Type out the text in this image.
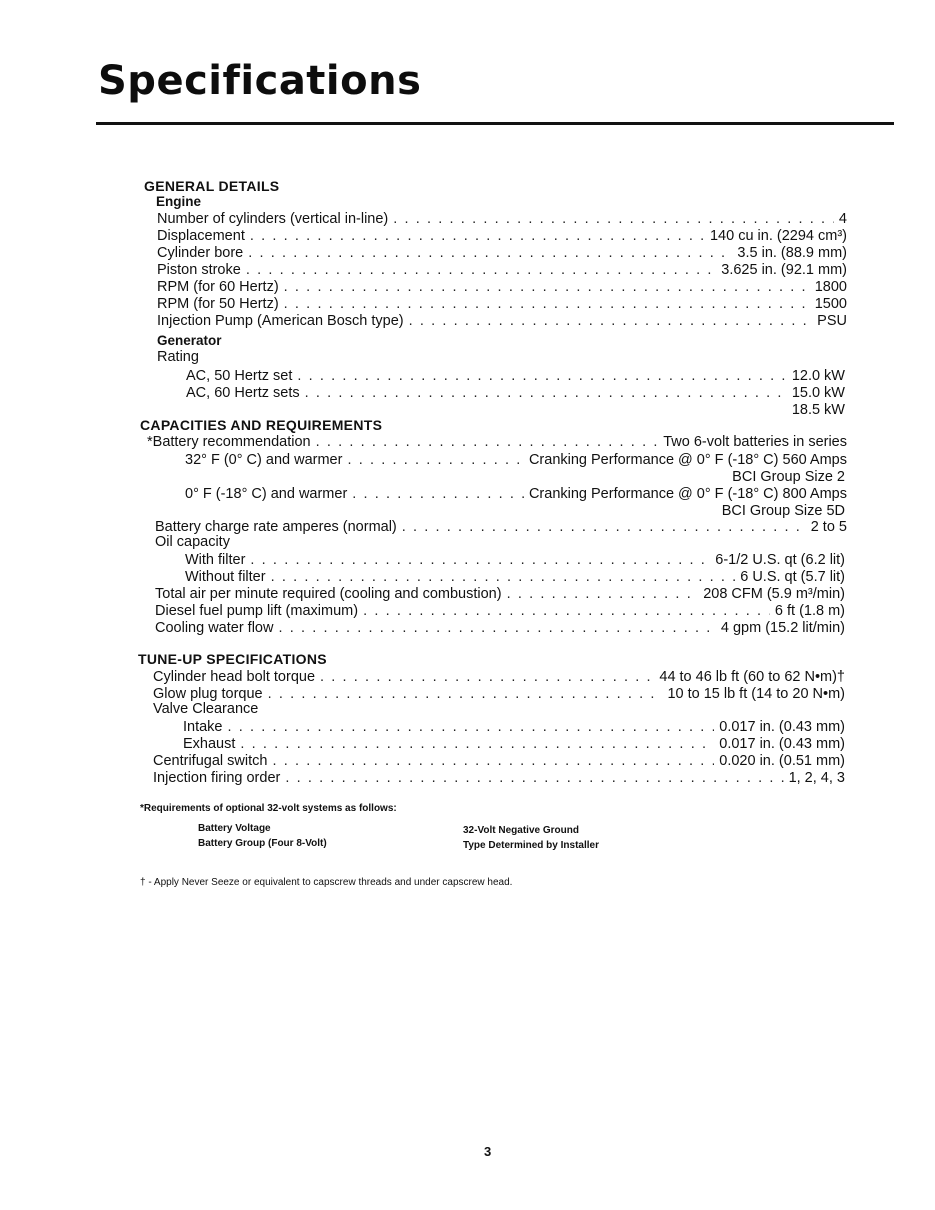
Specifications
GENERAL DETAILS
Engine
Number of cylinders (vertical in-line) . . .	4
Displacement . . .	140 cu in. (2294 cm³)
Cylinder bore . . .	3.5 in. (88.9 mm)
Piston stroke . . .	3.625 in. (92.1 mm)
RPM (for 60 Hertz) . . .	1800
RPM (for 50 Hertz) . . .	1500
Injection Pump (American Bosch type) . . .	PSU
Generator
Rating
AC, 50 Hertz set . . .	12.0 kW
AC, 60 Hertz sets . . .	15.0 kW
18.5 kW
CAPACITIES AND REQUIREMENTS
*Battery recommendation . . .	Two 6-volt batteries in series
32° F (0° C) and warmer . . .	Cranking Performance @ 0° F (-18° C) 560 Amps
BCI Group Size 2
0° F (-18° C) and warmer . . .	Cranking Performance @ 0° F (-18° C) 800 Amps
BCI Group Size 5D
Battery charge rate amperes (normal) . . .	2 to 5
Oil capacity
With filter . . .	6-1/2 U.S. qt (6.2 lit)
Without filter . . .	6 U.S. qt (5.7 lit)
Total air per minute required (cooling and combustion) . . .	208 CFM (5.9 m³/min)
Diesel fuel pump lift (maximum) . . .	6 ft (1.8 m)
Cooling water flow . . .	4 gpm (15.2 lit/min)
TUNE-UP SPECIFICATIONS
Cylinder head bolt torque . . .	44 to 46 lb ft (60 to 62 N•m)†
Glow plug torque . . .	10 to 15 lb ft (14 to 20 N•m)
Valve Clearance
Intake . . .	0.017 in. (0.43 mm)
Exhaust . . .	0.017 in. (0.43 mm)
Centrifugal switch . . .	0.020 in. (0.51 mm)
Injection firing order . . .	1, 2, 4, 3
*Requirements of optional 32-volt systems as follows:
Battery Voltage	32-Volt Negative Ground
Battery Group (Four 8-Volt)	Type Determined by Installer
† - Apply Never Seeze or equivalent to capscrew threads and under capscrew head.
3
